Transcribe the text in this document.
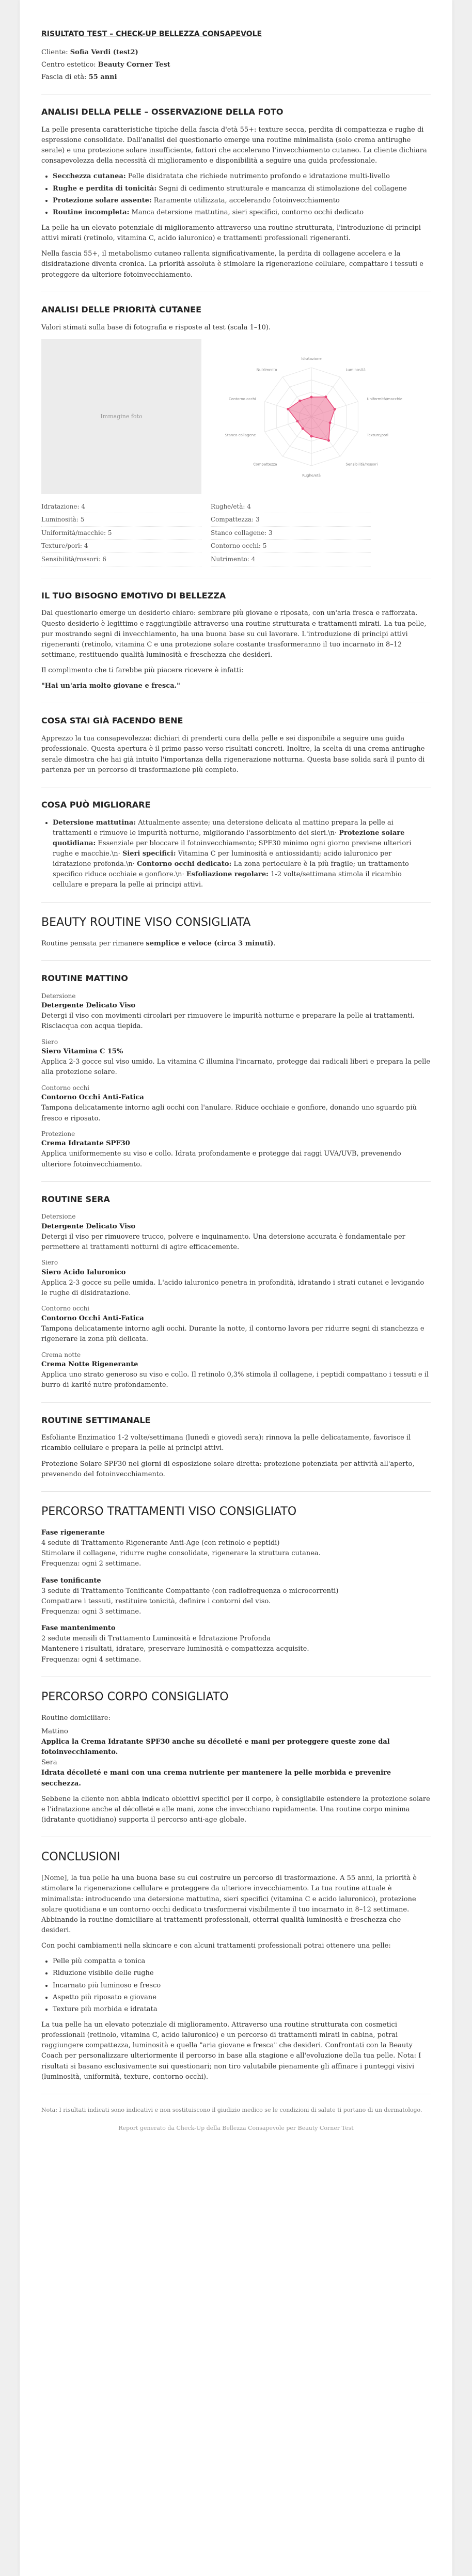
RISULTATO TEST – CHECK-UP BELLEZZA CONSAPEVOLE

Cliente: Sofia Verdi (test2)

Centro estetico: Beauty Corner Test

Fascia di età: 55 anni

ANALISI DELLA PELLE – OSSERVAZIONE DELLA FOTO

La pelle presenta caratteristiche tipiche della fascia d'età 55+: texture secca, perdita di compattezza e rughe di espressione consolidate. Dall'analisi del questionario emerge una routine minimalista (solo crema antirughe serale) e una protezione solare insufficiente, fattori che accelerano l'invecchiamento cutaneo. La cliente dichiara consapevolezza della necessità di miglioramento e disponibilità a seguire una guida professionale.

• Secchezza cutanea: Pelle disidratata che richiede nutrimento profondo e idratazione multi-livello
• Rughe e perdita di tonicità: Segni di cedimento strutturale e mancanza di stimolazione del collagene
• Protezione solare assente: Raramente utilizzata, accelerando fotoinvecchiamento
• Routine incompleta: Manca detersione mattutina, sieri specifici, contorno occhi dedicato

La pelle ha un elevato potenziale di miglioramento attraverso una routine strutturata, l'introduzione di principi attivi mirati (retinolo, vitamina C, acido ialuronico) e trattamenti professionali rigeneranti.

Nella fascia 55+, il metabolismo cutaneo rallenta significativamente, la perdita di collagene accelera e la disidratazione diventa cronica. La priorità assoluta è stimolare la rigenerazione cellulare, compattare i tessuti e proteggere da ulteriore fotoinvecchiamento.

ANALISI DELLE PRIORITÀ CUTANEE

Valori stimati sulla base di fotografia e risposte al test (scala 1–10).

Immagine foto
Idratazione
Luminosità
Uniformità/macchie
Texture/pori
Sensibilità/rossori
Rughe/età
Compattezza
Stanco collagene
Contorno occhi
Nutrimento
Idratazione: 4	Rughe/età: 4
Luminosità: 5	Compattezza: 3
Uniformità/macchie: 5	Stanco collagene: 3
Texture/pori: 4	Contorno occhi: 5
Sensibilità/rossori: 6	Nutrimento: 4
IL TUO BISOGNO EMOTIVO DI BELLEZZA

Dal questionario emerge un desiderio chiaro: sembrare più giovane e riposata, con un'aria fresca e rafforzata. Questo desiderio è legittimo e raggiungibile attraverso una routine strutturata e trattamenti mirati. La tua pelle, pur mostrando segni di invecchiamento, ha una buona base su cui lavorare. L'introduzione di principi attivi rigeneranti (retinolo, vitamina C e una protezione solare costante trasformeranno il tuo incarnato in 8–12 settimane, restituendo qualità luminosità e freschezza che desideri.

Il complimento che ti farebbe più piacere ricevere è infatti:

"Hai un'aria molto giovane e fresca."

COSA STAI GIÀ FACENDO BENE

Apprezzo la tua consapevolezza: dichiari di prenderti cura della pelle e sei disponibile a seguire una guida professionale. Questa apertura è il primo passo verso risultati concreti. Inoltre, la scelta di una crema antirughe serale dimostra che hai già intuito l'importanza della rigenerazione notturna. Questa base solida sarà il punto di partenza per un percorso di trasformazione più completo.

COSA PUÒ MIGLIORARE
• Detersione mattutina: Attualmente assente; una detersione delicata al mattino prepara la pelle ai trattamenti e rimuove le impurità notturne, migliorando l'assorbimento dei sieri.\n· Protezione solare quotidiana: Essenziale per bloccare il fotoinvecchiamento; SPF30 minimo ogni giorno previene ulteriori rughe e macchie.\n· Sieri specifici: Vitamina C per luminosità e antiossidanti; acido ialuronico per idratazione profonda.\n· Contorno occhi dedicato: La zona perioculare è la più fragile; un trattamento specifico riduce occhiaie e gonfiore.\n· Esfoliazione regolare: 1-2 volte/settimana stimola il ricambio cellulare e prepara la pelle ai principi attivi.
BEAUTY ROUTINE VISO CONSIGLIATA

Routine pensata per rimanere semplice e veloce (circa 3 minuti).

ROUTINE MATTINO
Detersione
Detergente Delicato Viso
Detergi il viso con movimenti circolari per rimuovere le impurità notturne e preparare la pelle ai trattamenti. Risciacqua con acqua tiepida.
Siero
Siero Vitamina C 15%
Applica 2-3 gocce sul viso umido. La vitamina C illumina l'incarnato, protegge dai radicali liberi e prepara la pelle alla protezione solare.
Contorno occhi
Contorno Occhi Anti-Fatica
Tampona delicatamente intorno agli occhi con l'anulare. Riduce occhiaie e gonfiore, donando uno sguardo più fresco e riposato.
Protezione
Crema Idratante SPF30
Applica uniformemente su viso e collo. Idrata profondamente e protegge dai raggi UVA/UVB, prevenendo ulteriore fotoinvecchiamento.
ROUTINE SERA
Detersione
Detergente Delicato Viso
Detergi il viso per rimuovere trucco, polvere e inquinamento. Una detersione accurata è fondamentale per permettere ai trattamenti notturni di agire efficacemente.
Siero
Siero Acido Ialuronico
Applica 2-3 gocce su pelle umida. L'acido ialuronico penetra in profondità, idratando i strati cutanei e levigando le rughe di disidratazione.
Contorno occhi
Contorno Occhi Anti-Fatica
Tampona delicatamente intorno agli occhi. Durante la notte, il contorno lavora per ridurre segni di stanchezza e rigenerare la zona più delicata.
Crema notte
Crema Notte Rigenerante
Applica uno strato generoso su viso e collo. Il retinolo 0,3% stimola il collagene, i peptidi compattano i tessuti e il burro di karité nutre profondamente.
ROUTINE SETTIMANALE

Esfoliante Enzimatico 1-2 volte/settimana (lunedì e giovedì sera): rinnova la pelle delicatamente, favorisce il ricambio cellulare e prepara la pelle ai principi attivi.

Protezione Solare SPF30 nel giorni di esposizione solare diretta: protezione potenziata per attività all'aperto, prevenendo del fotoinvecchiamento.

PERCORSO TRATTAMENTI VISO CONSIGLIATO
Fase rigenerante
4 sedute di Trattamento Rigenerante Anti-Age (con retinolo e peptidi)
Stimolare il collagene, ridurre rughe consolidate, rigenerare la struttura cutanea.
Frequenza: ogni 2 settimane.
Fase tonificante
3 sedute di Trattamento Tonificante Compattante (con radiofrequenza o microcorrenti)
Compattare i tessuti, restituire tonicità, definire i contorni del viso.
Frequenza: ogni 3 settimane.
Fase mantenimento
2 sedute mensili di Trattamento Luminosità e Idratazione Profonda
Mantenere i risultati, idratare, preservare luminosità e compattezza acquisite.
Frequenza: ogni 4 settimane.
PERCORSO CORPO CONSIGLIATO
Routine domiciliare:
Mattino
Applica la Crema Idratante SPF30 anche su décolleté e mani per proteggere queste zone dal fotoinvecchiamento.
Sera
Idrata décolleté e mani con una crema nutriente per mantenere la pelle morbida e prevenire secchezza.

Sebbene la cliente non abbia indicato obiettivi specifici per il corpo, è consigliabile estendere la protezione solare e l'idratazione anche al décolleté e alle mani, zone che invecchiano rapidamente. Una routine corpo minima (idratante quotidiano) supporta il percorso anti-age globale.

CONCLUSIONI

[Nome], la tua pelle ha una buona base su cui costruire un percorso di trasformazione. A 55 anni, la priorità è stimolare la rigenerazione cellulare e proteggere da ulteriore invecchiamento. La tua routine attuale è minimalista: introducendo una detersione mattutina, sieri specifici (vitamina C e acido ialuronico), protezione solare quotidiana e un contorno occhi dedicato trasformerai visibilmente il tuo incarnato in 8–12 settimane. Abbinando la routine domiciliare ai trattamenti professionali, otterrai qualità luminosità e freschezza che desideri.

Con pochi cambiamenti nella skincare e con alcuni trattamenti professionali potrai ottenere una pelle:

• Pelle più compatta e tonica
• Riduzione visibile delle rughe
• Incarnato più luminoso e fresco
• Aspetto più riposato e giovane
• Texture più morbida e idratata

La tua pelle ha un elevato potenziale di miglioramento. Attraverso una routine strutturata con cosmetici professionali (retinolo, vitamina C, acido ialuronico) e un percorso di trattamenti mirati in cabina, potrai raggiungere compattezza, luminosità e quella "aria giovane e fresca" che desideri. Confrontati con la Beauty Coach per personalizzare ulteriormente il percorso in base alla stagione e all'evoluzione della tua pelle. Nota: I risultati si basano esclusivamente sui questionari; non tiro valutabile pienamente gli affinare i punteggi visivi (luminosità, uniformità, texture, contorno occhi).

Nota: I risultati indicati sono indicativi e non sostituiscono il giudizio medico se le condizioni di salute ti portano di un dermatologo.

Report generato da Check-Up della Bellezza Consapevole per Beauty Corner Test
